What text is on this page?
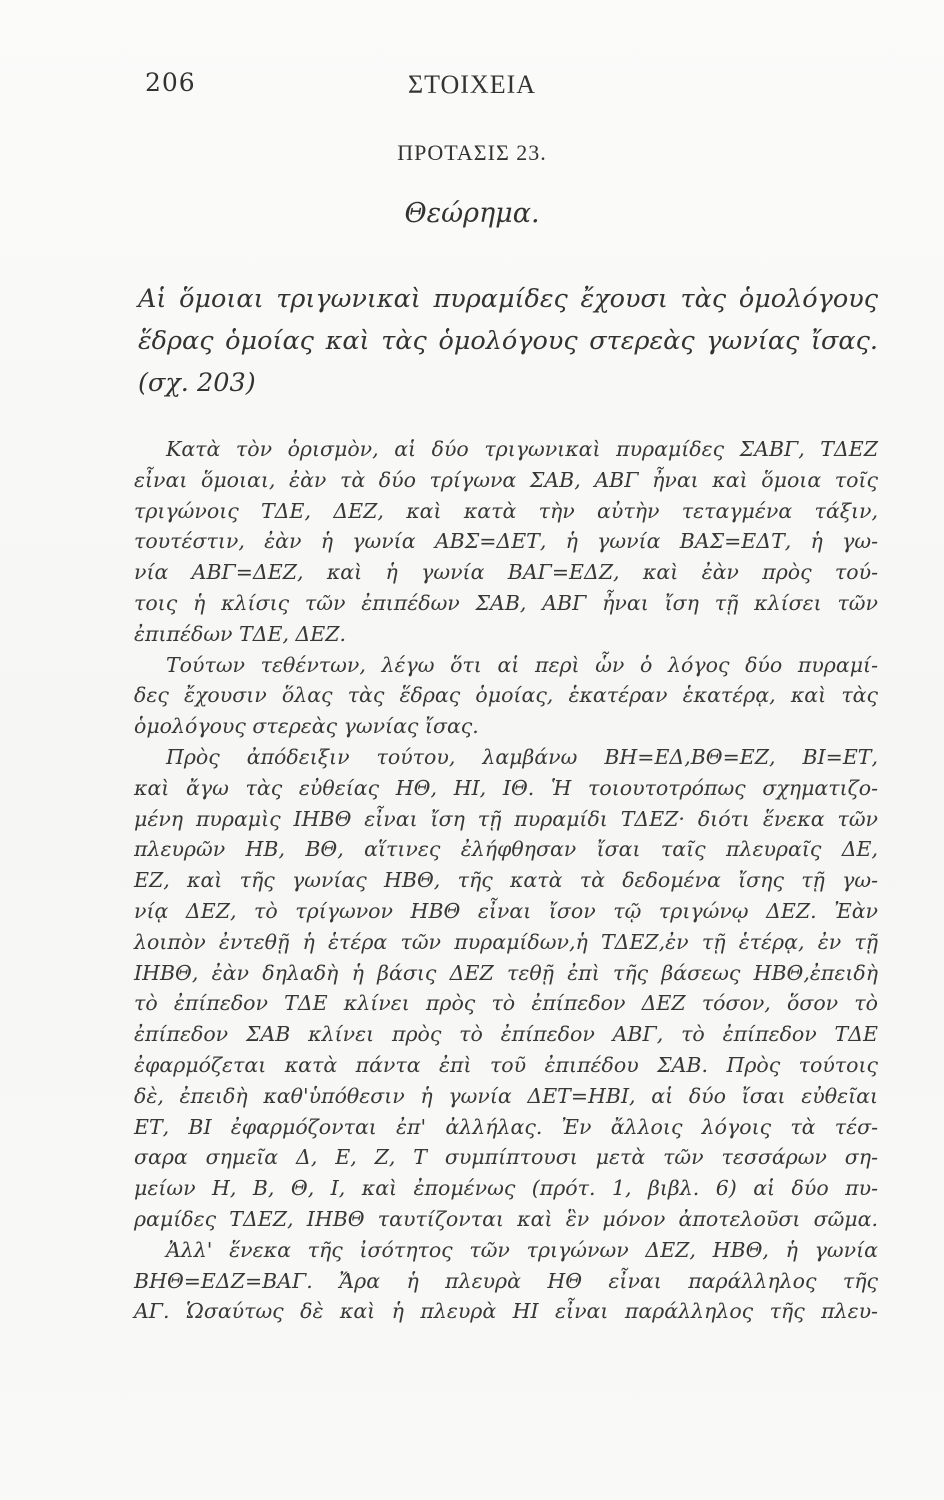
206	ΣΤΟΙΧΕΙΑ
ΠΡΟΤΑΣΙΣ 23.
Θεώρημα.
Αἱ ὅμοιαι τριγωνικαὶ πυραμίδες ἔχουσι τὰς ὁμολόγους
ἕδρας ὁμοίας καὶ τὰς ὁμολόγους στερεὰς γωνίας ἴσας.
(σχ. 203)
Κατὰ τὸν ὁρισμὸν, αἱ δύο τριγωνικαὶ πυραμίδες ΣΑΒΓ, ΤΔΕΖ
εἶναι ὅμοιαι, ἐὰν τὰ δύο τρίγωνα ΣΑΒ, ΑΒΓ ἦναι καὶ ὅμοια τοῖς
τριγώνοις ΤΔΕ, ΔΕΖ, καὶ κατὰ τὴν αὐτὴν τεταγμένα τάξιν,
τουτέστιν, ἐὰν ἡ γωνία ΑΒΣ=ΔΕΤ, ἡ γωνία ΒΑΣ=ΕΔΤ, ἡ γω-
νία ΑΒΓ=ΔΕΖ, καὶ ἡ γωνία ΒΑΓ=ΕΔΖ, καὶ ἐὰν πρὸς τού-
τοις ἡ κλίσις τῶν ἐπιπέδων ΣΑΒ, ΑΒΓ ἦναι ἴση τῇ κλίσει τῶν
ἐπιπέδων ΤΔΕ, ΔΕΖ.
Τούτων τεθέντων, λέγω ὅτι αἱ περὶ ὧν ὁ λόγος δύο πυραμί-
δες ἔχουσιν ὅλας τὰς ἕδρας ὁμοίας, ἑκατέραν ἑκατέρᾳ, καὶ τὰς
ὁμολόγους στερεὰς γωνίας ἴσας.
Πρὸς ἀπόδειξιν τούτου, λαμβάνω ΒΗ=ΕΔ,ΒΘ=ΕΖ, ΒΙ=ΕΤ,
καὶ ἄγω τὰς εὐθείας ΗΘ, ΗΙ, ΙΘ. Ἡ τοιουτοτρόπως σχηματιζο-
μένη πυραμὶς ΙΗΒΘ εἶναι ἴση τῇ πυραμίδι ΤΔΕΖ· διότι ἕνεκα τῶν
πλευρῶν ΗΒ, ΒΘ, αἵτινες ἐλήφθησαν ἴσαι ταῖς πλευραῖς ΔΕ,
ΕΖ, καὶ τῆς γωνίας ΗΒΘ, τῆς κατὰ τὰ δεδομένα ἴσης τῇ γω-
νίᾳ ΔΕΖ, τὸ τρίγωνον ΗΒΘ εἶναι ἴσον τῷ τριγώνῳ ΔΕΖ. Ἐὰν
λοιπὸν ἐντεθῇ ἡ ἑτέρα τῶν πυραμίδων,ἡ ΤΔΕΖ,ἐν τῇ ἑτέρᾳ, ἐν τῇ
ΙΗΒΘ, ἐὰν δηλαδὴ ἡ βάσις ΔΕΖ τεθῇ ἐπὶ τῆς βάσεως ΗΒΘ,ἐπειδὴ
τὸ ἐπίπεδον ΤΔΕ κλίνει πρὸς τὸ ἐπίπεδον ΔΕΖ τόσον, ὅσον τὸ
ἐπίπεδον ΣΑΒ κλίνει πρὸς τὸ ἐπίπεδον ΑΒΓ, τὸ ἐπίπεδον ΤΔΕ
ἐφαρμόζεται κατὰ πάντα ἐπὶ τοῦ ἐπιπέδου ΣΑΒ. Πρὸς τούτοις
δὲ, ἐπειδὴ καθ'ὑπόθεσιν ἡ γωνία ΔΕΤ=ΗΒΙ, αἱ δύο ἴσαι εὐθεῖαι
ΕΤ, ΒΙ ἐφαρμόζονται ἐπ' ἀλλήλας. Ἐν ἄλλοις λόγοις τὰ τέσ-
σαρα σημεῖα Δ, Ε, Ζ, Τ συμπίπτουσι μετὰ τῶν τεσσάρων ση-
μείων Η, Β, Θ, Ι, καὶ ἐπομένως (πρότ. 1, βιβλ. 6) αἱ δύο πυ-
ραμίδες ΤΔΕΖ, ΙΗΒΘ ταυτίζονται καὶ ἓν μόνον ἀποτελοῦσι σῶμα.
Ἀλλ' ἕνεκα τῆς ἰσότητος τῶν τριγώνων ΔΕΖ, ΗΒΘ, ἡ γωνία
ΒΗΘ=ΕΔΖ=ΒΑΓ. Ἄρα ἡ πλευρὰ ΗΘ εἶναι παράλληλος τῆς
ΑΓ. Ὡσαύτως δὲ καὶ ἡ πλευρὰ ΗΙ εἶναι παράλληλος τῆς πλευ-
